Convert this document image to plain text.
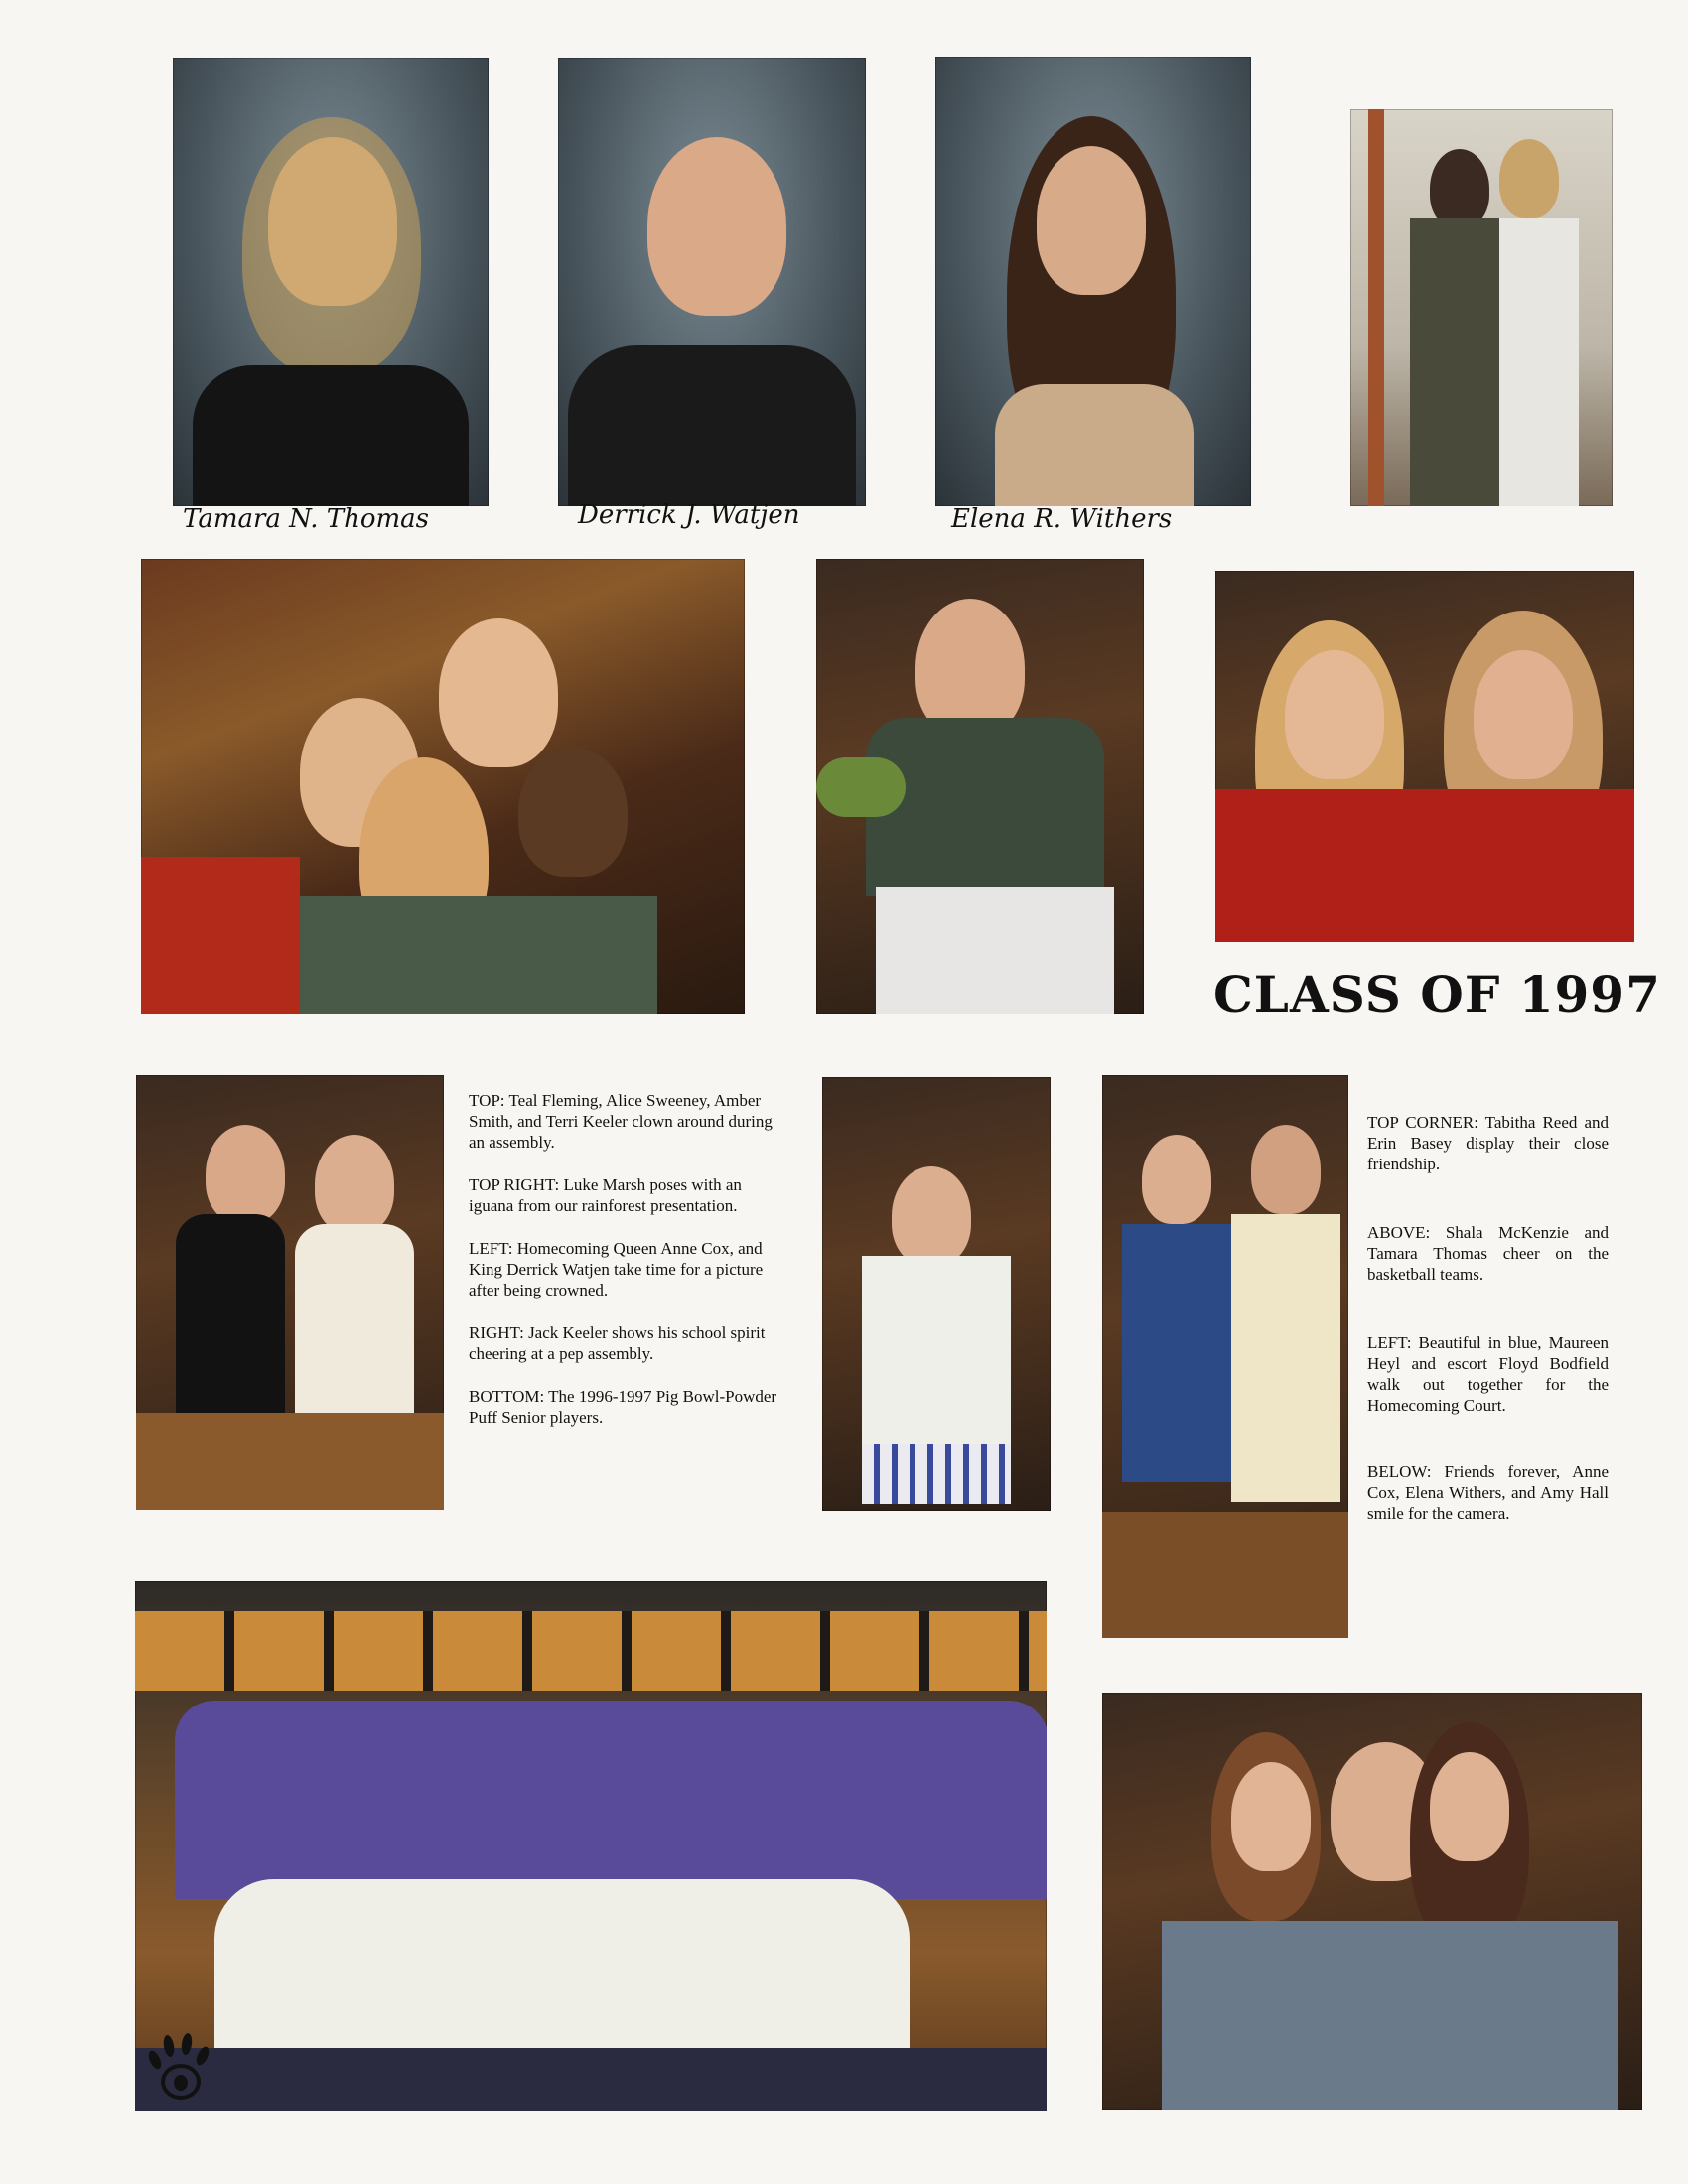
Tamara N. Thomas	Derrick J. Watjen	Elena R. Withers
CLASS OF 1997

TOP: Teal Fleming, Alice Sweeney, Amber Smith, and Terri Keeler clown around during an assembly.

TOP RIGHT: Luke Marsh poses with an iguana from our rainforest presentation.

LEFT: Homecoming Queen Anne Cox, and King Derrick Watjen take time for a picture after being crowned.

RIGHT: Jack Keeler shows his school spirit cheering at a pep assembly.

BOTTOM: The 1996-1997 Pig Bowl-Powder Puff Senior players.

TOP CORNER: Tabitha Reed and Erin Basey display their close friendship.

ABOVE: Shala McKenzie and Tamara Thomas cheer on the basketball teams.

LEFT: Beautiful in blue, Maureen Heyl and escort Floyd Bodfield walk out together for the Homecoming Court.

BELOW: Friends forever, Anne Cox, Elena Withers, and Amy Hall smile for the camera.
